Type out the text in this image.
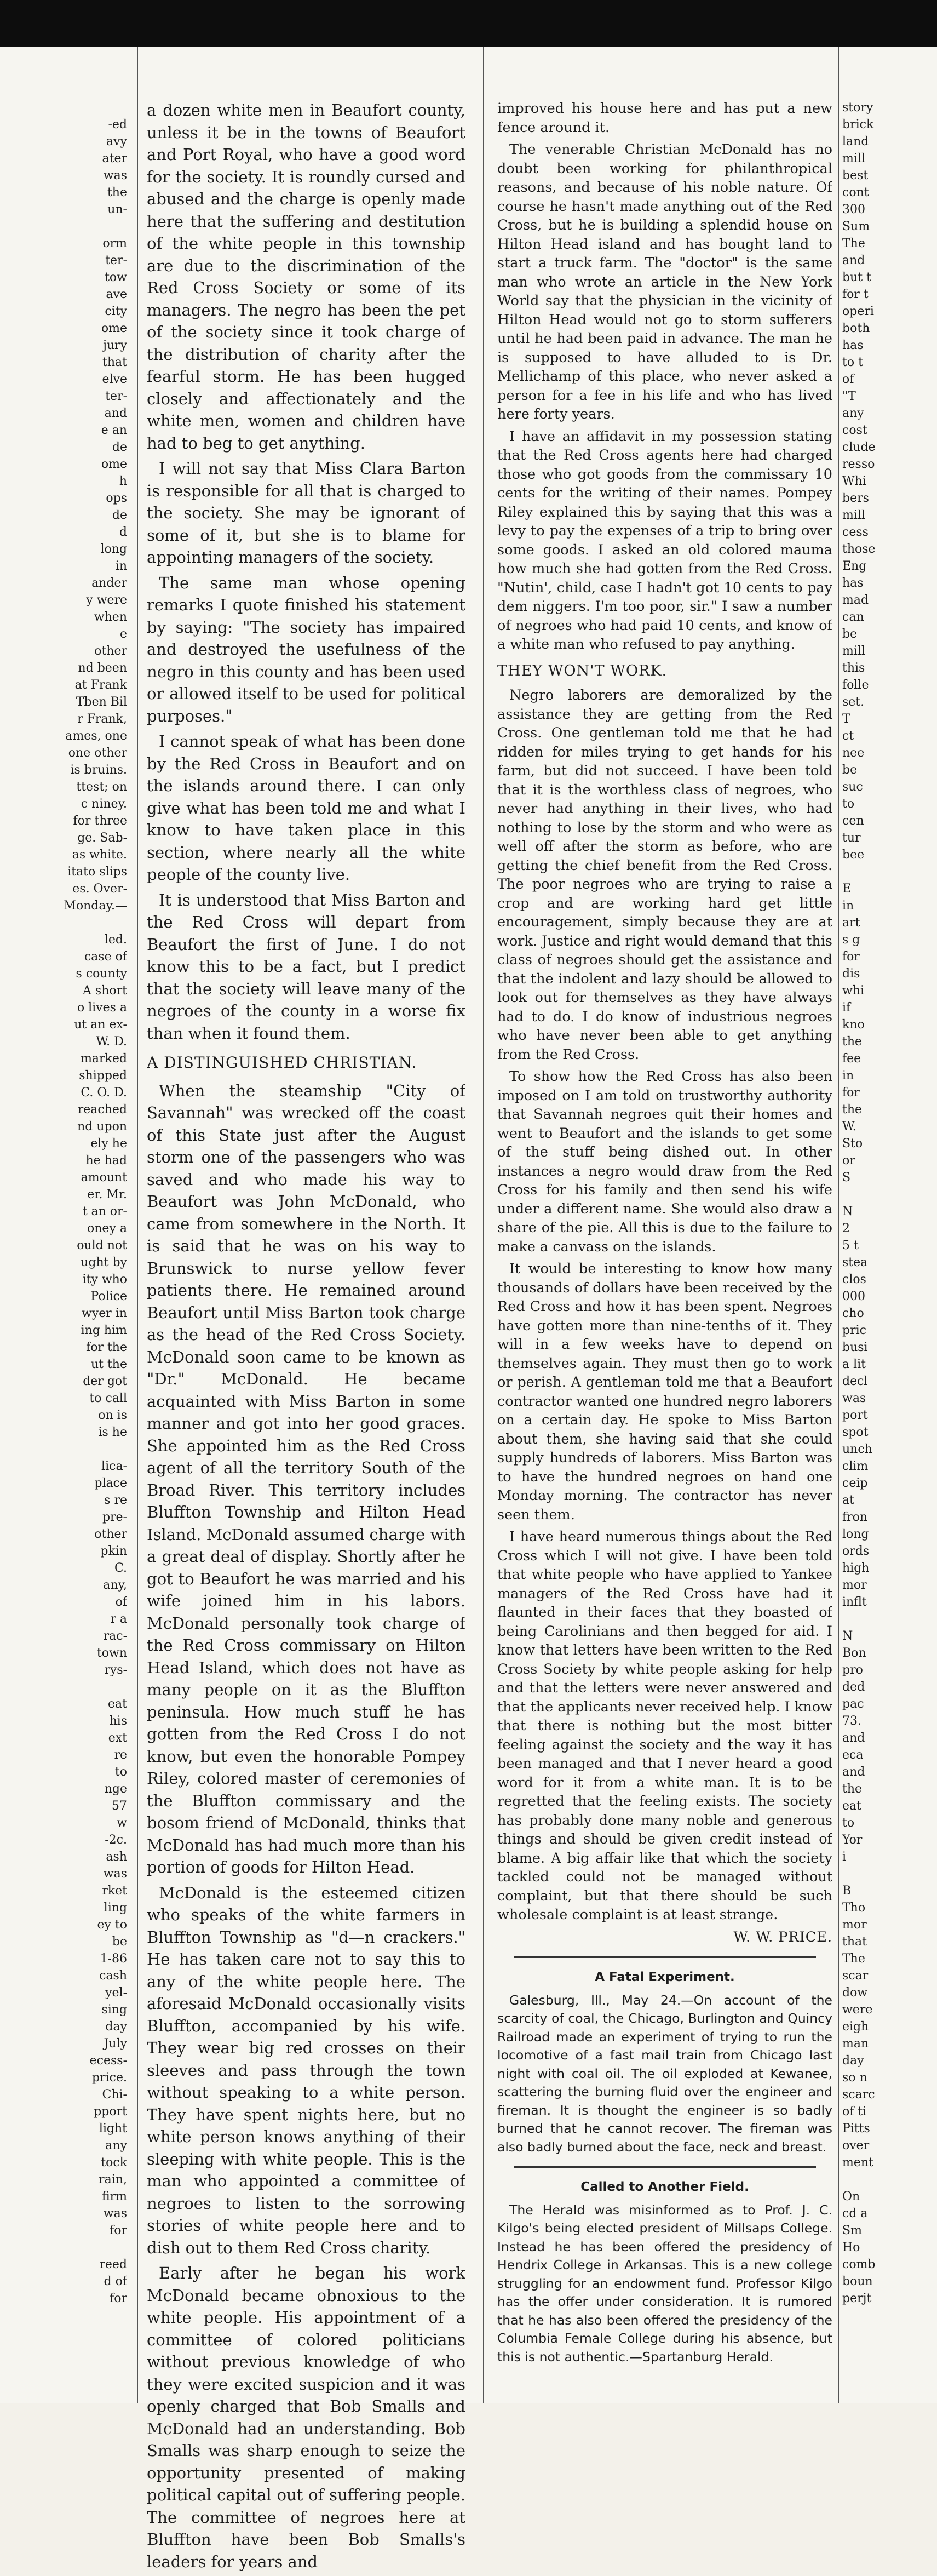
-ed

avy

ater

was

the

un-

orm

ter-

tow

ave

city

ome

jury

that

elve

ter-

and

e an

de

ome

h

ops

de

d

long

in

ander

y were

when

e

other

nd been

at Frank

Tben Bil

r Frank,

ames, one

one other

is bruins.

ttest; on

c niney.

for three

ge. Sab-

as white.

itato slips

es. Over-

Monday.—

led.

case of

s county

A short

o lives a

ut an ex-

W. D.

marked

shipped

C. O. D.

reached

nd upon

ely he

he had

amount

er. Mr.

t an or-

oney a

ould not

ught by

ity who

Police

wyer in

ing him

for the

ut the

der got

to call

on is

is he

lica-

place

s re

pre-

other

pkin

C.

any,

of

r a

rac-

town

rys-

eat

his

ext

re

to

nge

57

w

-2c.

ash

was

rket

ling

ey to

be

1-86

cash

yel-

sing

day

July

ecess-

price.

Chi-

pport

light

any

tock

rain,

firm

was

for

reed

d of

for

a dozen white men in Beaufort county, unless it be in the towns of Beaufort and Port Royal, who have a good word for the society. It is roundly cursed and abused and the charge is openly made here that the suffering and destitution of the white people in this township are due to the discrimination of the Red Cross Society or some of its managers. The negro has been the pet of the society since it took charge of the distribution of charity after the fearful storm. He has been hugged closely and affectionately and the white men, women and children have had to beg to get anything.

I will not say that Miss Clara Barton is responsible for all that is charged to the society. She may be ignorant of some of it, but she is to blame for appointing managers of the society.

The same man whose opening remarks I quote finished his statement by saying: "The society has impaired and destroyed the usefulness of the negro in this county and has been used or allowed itself to be used for political purposes."

I cannot speak of what has been done by the Red Cross in Beaufort and on the islands around there. I can only give what has been told me and what I know to have taken place in this section, where nearly all the white people of the county live.

It is understood that Miss Barton and the Red Cross will depart from Beaufort the first of June. I do not know this to be a fact, but I predict that the society will leave many of the negroes of the county in a worse fix than when it found them.

A DISTINGUISHED CHRISTIAN.

When the steamship "City of Savannah" was wrecked off the coast of this State just after the August storm one of the passengers who was saved and who made his way to Beaufort was John McDonald, who came from somewhere in the North. It is said that he was on his way to Brunswick to nurse yellow fever patients there. He remained around Beaufort until Miss Barton took charge as the head of the Red Cross Society. McDonald soon came to be known as "Dr." McDonald. He became acquainted with Miss Barton in some manner and got into her good graces. She appointed him as the Red Cross agent of all the territory South of the Broad River. This territory includes Bluffton Township and Hilton Head Island. McDonald assumed charge with a great deal of display. Shortly after he got to Beaufort he was married and his wife joined him in his labors. McDonald personally took charge of the Red Cross commissary on Hilton Head Island, which does not have as many people on it as the Bluffton peninsula. How much stuff he has gotten from the Red Cross I do not know, but even the honorable Pompey Riley, colored master of ceremonies of the Bluffton commissary and the bosom friend of McDonald, thinks that McDonald has had much more than his portion of goods for Hilton Head.

McDonald is the esteemed citizen who speaks of the white farmers in Bluffton Township as "d—n crackers." He has taken care not to say this to any of the white people here. The aforesaid McDonald occasionally visits Bluffton, accompanied by his wife. They wear big red crosses on their sleeves and pass through the town without speaking to a white person. They have spent nights here, but no white person knows anything of their sleeping with white people. This is the man who appointed a committee of negroes to listen to the sorrowing stories of white people here and to dish out to them Red Cross charity.

Early after he began his work McDonald became obnoxious to the white people. His appointment of a committee of colored politicians without previous knowledge of who they were excited suspicion and it was openly charged that Bob Smalls and McDonald had an understanding. Bob Smalls was sharp enough to seize the opportunity presented of making political capital out of suffering people. The committee of negroes here at Bluffton have been Bob Smalls's leaders for years and

improved his house here and has put a new fence around it.

The venerable Christian McDonald has no doubt been working for philanthropical reasons, and because of his noble nature. Of course he hasn't made anything out of the Red Cross, but he is building a splendid house on Hilton Head island and has bought land to start a truck farm. The "doctor" is the same man who wrote an article in the New York World say that the physician in the vicinity of Hilton Head would not go to storm sufferers until he had been paid in advance. The man he is supposed to have alluded to is Dr. Mellichamp of this place, who never asked a person for a fee in his life and who has lived here forty years.

I have an affidavit in my possession stating that the Red Cross agents here had charged those who got goods from the commissary 10 cents for the writing of their names. Pompey Riley explained this by saying that this was a levy to pay the expenses of a trip to bring over some goods. I asked an old colored mauma how much she had gotten from the Red Cross. "Nutin', child, case I hadn't got 10 cents to pay dem niggers. I'm too poor, sir." I saw a number of negroes who had paid 10 cents, and know of a white man who refused to pay anything.

THEY WON'T WORK.

Negro laborers are demoralized by the assistance they are getting from the Red Cross. One gentleman told me that he had ridden for miles trying to get hands for his farm, but did not succeed. I have been told that it is the worthless class of negroes, who never had anything in their lives, who had nothing to lose by the storm and who were as well off after the storm as before, who are getting the chief benefit from the Red Cross. The poor negroes who are trying to raise a crop and are working hard get little encouragement, simply because they are at work. Justice and right would demand that this class of negroes should get the assistance and that the indolent and lazy should be allowed to look out for themselves as they have always had to do. I do know of industrious negroes who have never been able to get anything from the Red Cross.

To show how the Red Cross has also been imposed on I am told on trustworthy authority that Savannah negroes quit their homes and went to Beaufort and the islands to get some of the stuff being dished out. In other instances a negro would draw from the Red Cross for his family and then send his wife under a different name. She would also draw a share of the pie. All this is due to the failure to make a canvass on the islands.

It would be interesting to know how many thousands of dollars have been received by the Red Cross and how it has been spent. Negroes have gotten more than nine-tenths of it. They will in a few weeks have to depend on themselves again. They must then go to work or perish. A gentleman told me that a Beaufort contractor wanted one hundred negro laborers on a certain day. He spoke to Miss Barton about them, she having said that she could supply hundreds of laborers. Miss Barton was to have the hundred negroes on hand one Monday morning. The contractor has never seen them.

I have heard numerous things about the Red Cross which I will not give. I have been told that white people who have applied to Yankee managers of the Red Cross have had it flaunted in their faces that they boasted of being Carolinians and then begged for aid. I know that letters have been written to the Red Cross Society by white people asking for help and that the letters were never answered and that the applicants never received help. I know that there is nothing but the most bitter feeling against the society and the way it has been managed and that I never heard a good word for it from a white man. It is to be regretted that the feeling exists. The society has probably done many noble and generous things and should be given credit instead of blame. A big affair like that which the society tackled could not be managed without complaint, but that there should be such wholesale complaint is at least strange.

W. W. PRICE.

A Fatal Experiment.

Galesburg, Ill., May 24.—On account of the scarcity of coal, the Chicago, Burlington and Quincy Railroad made an experiment of trying to run the locomotive of a fast mail train from Chicago last night with coal oil. The oil exploded at Kewanee, scattering the burning fluid over the engineer and fireman. It is thought the engineer is so badly burned that he cannot recover. The fireman was also badly burned about the face, neck and breast.

Called to Another Field.

The Herald was misinformed as to Prof. J. C. Kilgo's being elected president of Millsaps College. Instead he has been offered the presidency of Hendrix College in Arkansas. This is a new college struggling for an endowment fund. Professor Kilgo has the offer under consideration. It is rumored that he has also been offered the presidency of the Columbia Female College during his absence, but this is not authentic.—Spartanburg Herald.

story

brick

land

mill

best

cont

300

Sum

The

and

but t

for t

operi

both

has

to t

of

"T

any

cost

clude

resso

Whi

bers

mill

cess

those

Eng

has

mad

can

be

mill

this

folle

set.

T

ct

nee

be

suc

to

cen

tur

bee

E

in

art

s g

for

dis

whi

if

kno

the

fee

in

for

the

W.

Sto

or

S

N

2

5 t

stea

clos

000

cho

pric

busi

a lit

decl

was

port

spot

unch

clim

ceip

at

fron

long

ords

high

mor

inflt

N

Bon

pro

ded

pac

73.

and

eca

and

the

eat

to

Yor

i

B

Tho

mor

that

The

scar

dow

were

eigh

man

day

so n

scarc

of ti

Pitts

over

ment

On

cd a

Sm

Ho

comb

boun

perjt
